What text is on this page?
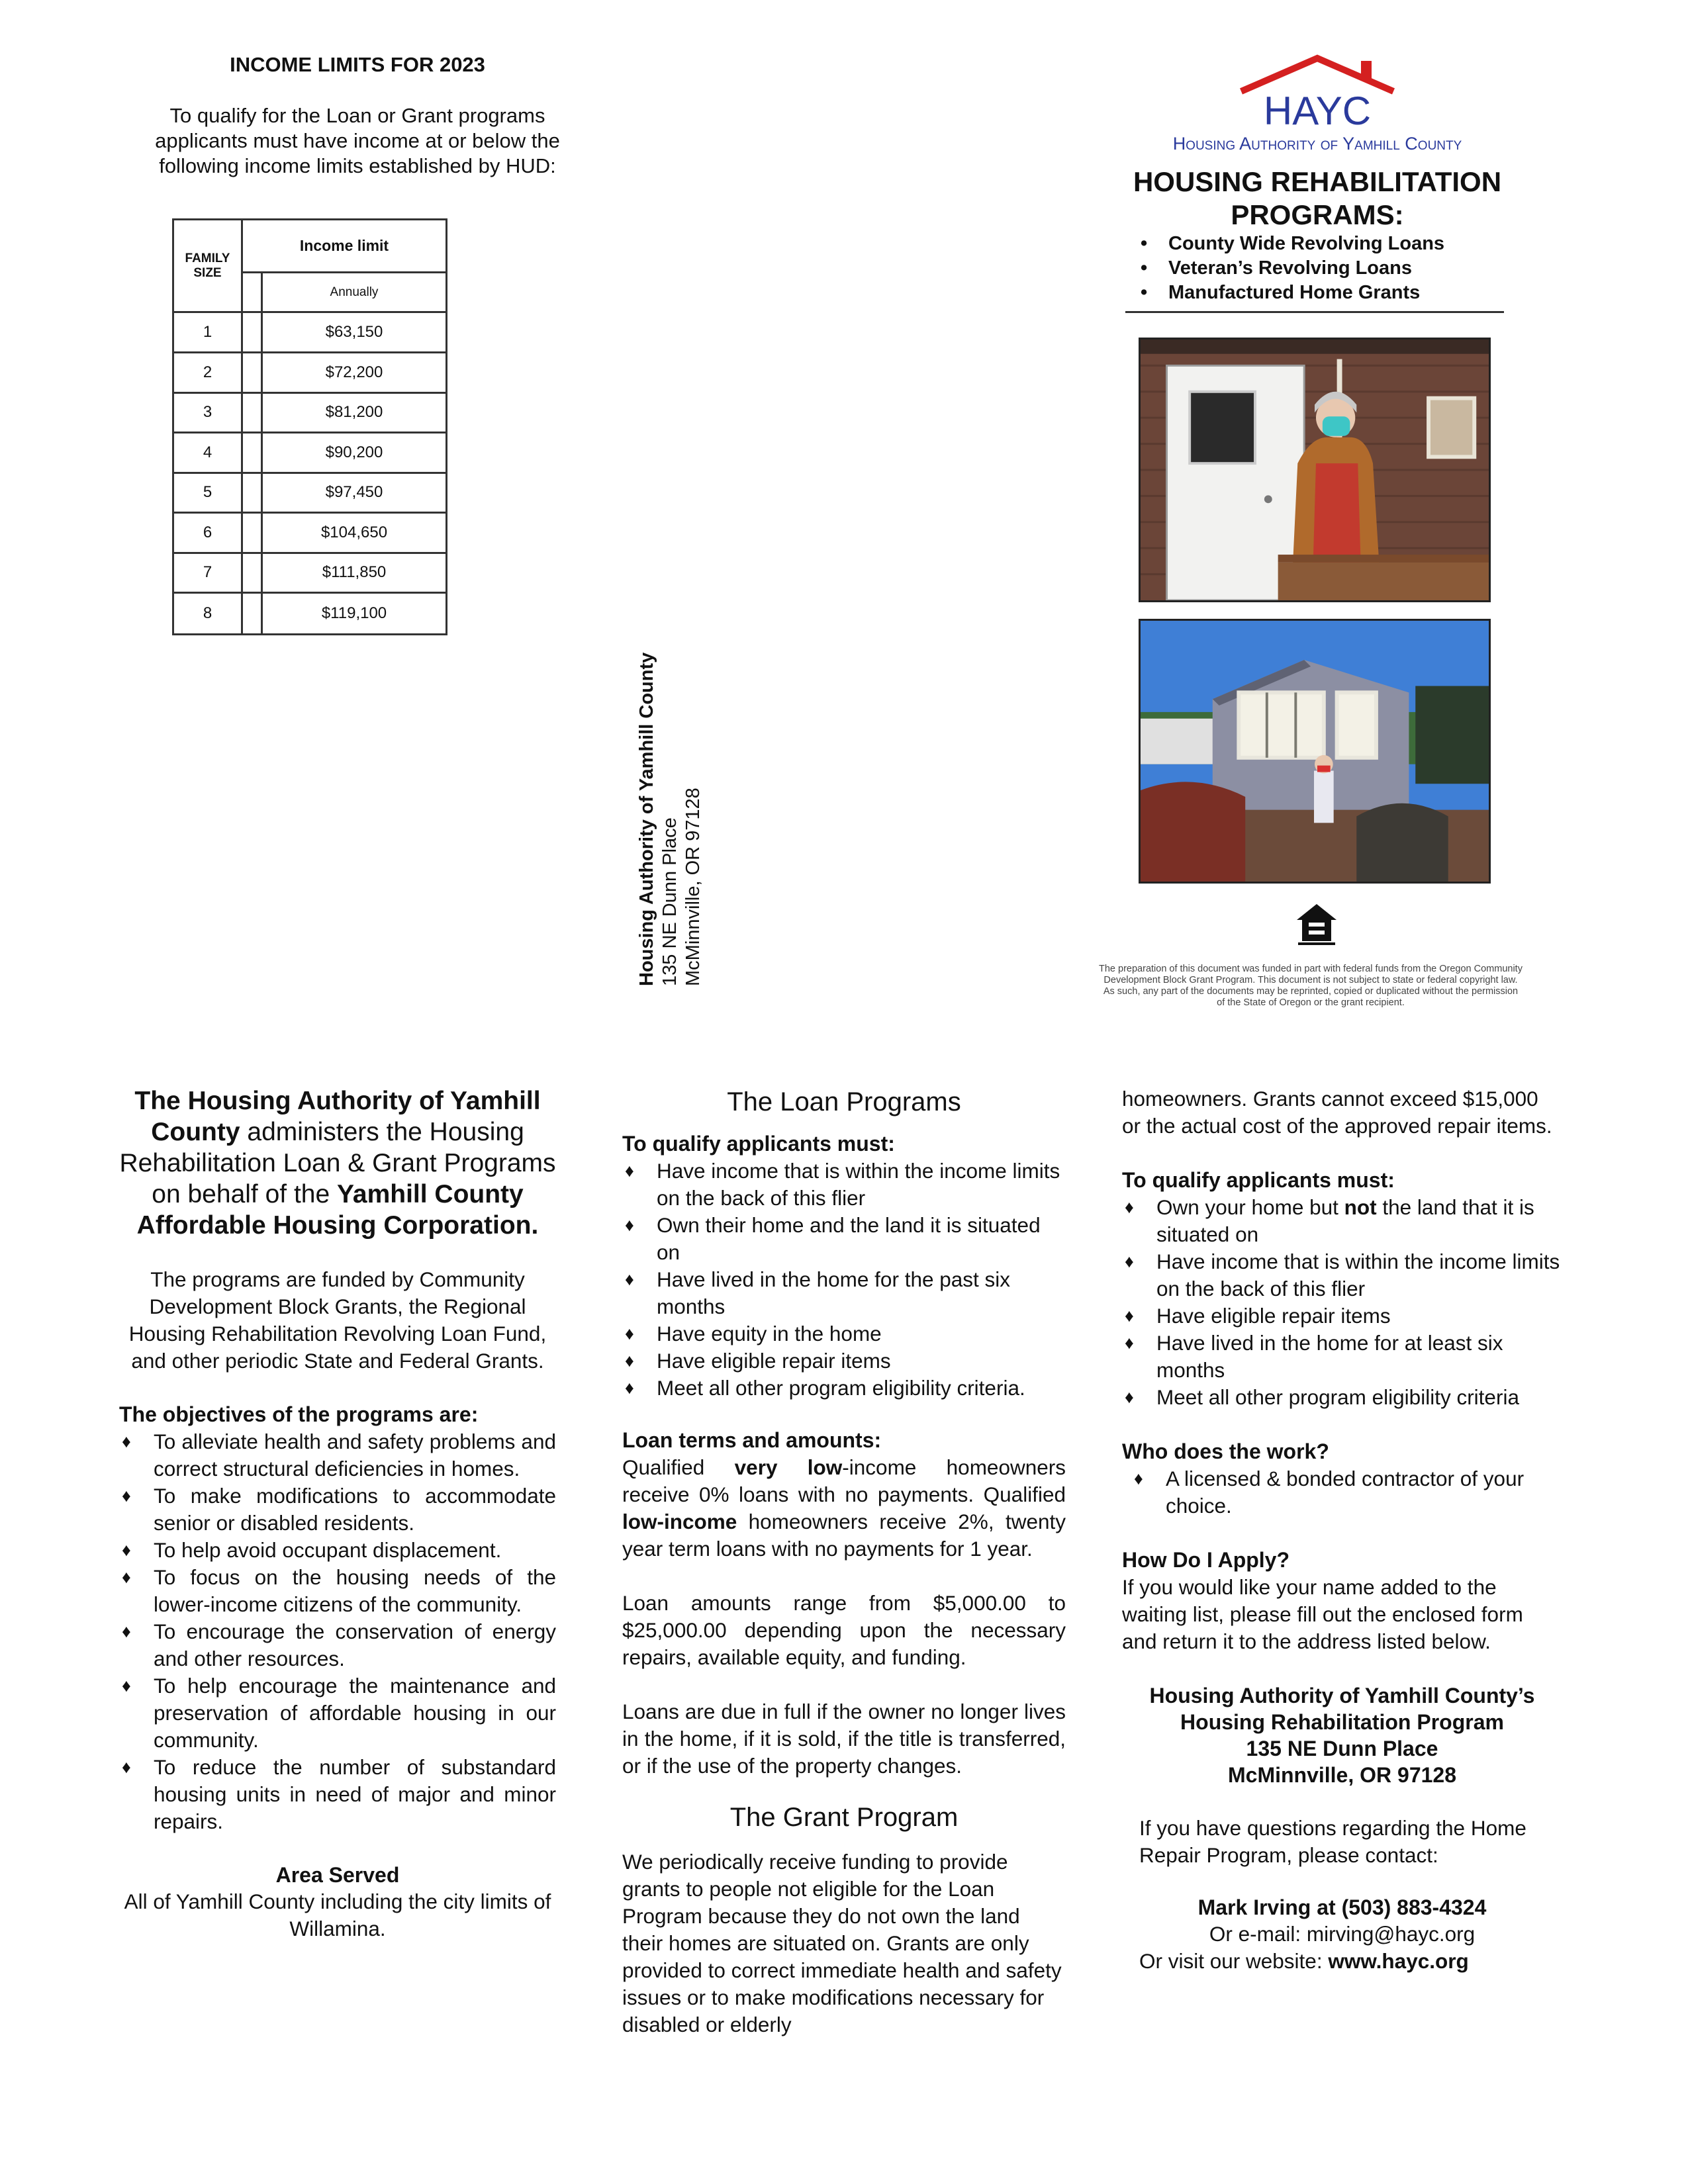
INCOME LIMITS FOR 2023
To qualify for the Loan or Grant programs applicants must have income at or below the following income limits established by HUD:
FAMILY SIZE
Income limit
Annually
1	$63,150
2	$72,200
3	$81,200
4	$90,200
5	$97,450
6	$104,650
7	$111,850
8	$119,100
Housing Authority of Yamhill County 135 NE Dunn Place McMinnville, OR 97128
HAYC
Housing Authority of Yamhill County
HOUSING REHABILITATION PROGRAMS:
• County Wide Revolving Loans
• Veteran’s Revolving Loans
• Manufactured Home Grants
The preparation of this document was funded in part with federal funds from the Oregon Community Development Block Grant Program. This document is not subject to state or federal copyright law. As such, any part of the documents may be reprinted, copied or duplicated without the permission of the State of Oregon or the grant recipient.
The Housing Authority of Yamhill County administers the Housing Rehabilitation Loan & Grant Programs on behalf of the Yamhill County Affordable Housing Corporation.
The programs are funded by Community Development Block Grants, the Regional Housing Rehabilitation Revolving Loan Fund, and other periodic State and Federal Grants.
The objectives of the programs are:
♦ To alleviate health and safety problems and correct structural deficiencies in homes.
♦ To make modifications to accommodate senior or disabled residents.
♦ To help avoid occupant displacement.
♦ To focus on the housing needs of the lower-income citizens of the community.
♦ To encourage the conservation of energy and other resources.
♦ To help encourage the maintenance and preservation of affordable housing in our community.
♦ To reduce the number of substandard housing units in need of major and minor repairs.
Area Served
All of Yamhill County including the city limits of Willamina.
The Loan Programs
To qualify applicants must:
♦ Have income that is within the income limits on the back of this flier
♦ Own their home and the land it is situated on
♦ Have lived in the home for the past six months
♦ Have equity in the home
♦ Have eligible repair items
♦ Meet all other program eligibility criteria.
Loan terms and amounts:
Qualified very low-income homeowners receive 0% loans with no payments. Qualified low-income homeowners receive 2%, twenty year term loans with no payments for 1 year.
Loan amounts range from $5,000.00 to $25,000.00 depending upon the necessary repairs, available equity, and funding.
Loans are due in full if the owner no longer lives in the home, if it is sold, if the title is transferred, or if the use of the property changes.
The Grant Program
We periodically receive funding to provide grants to people not eligible for the Loan Program because they do not own the land their homes are situated on. Grants are only provided to correct immediate health and safety issues or to make modifications necessary for disabled or elderly
homeowners. Grants cannot exceed $15,000 or the actual cost of the approved repair items.
To qualify applicants must:
♦ Own your home but not the land that it is situated on
♦ Have income that is within the income limits on the back of this flier
♦ Have eligible repair items
♦ Have lived in the home for at least six months
♦ Meet all other program eligibility criteria
Who does the work?
♦ A licensed & bonded contractor of your choice.
How Do I Apply?
If you would like your name added to the waiting list, please fill out the enclosed form and return it to the address listed below.
Housing Authority of Yamhill County’s
Housing Rehabilitation Program
135 NE Dunn Place
McMinnville, OR 97128
If you have questions regarding the Home Repair Program, please contact:
Mark Irving at (503) 883-4324
Or e-mail: mirving@hayc.org
Or visit our website: www.hayc.org
